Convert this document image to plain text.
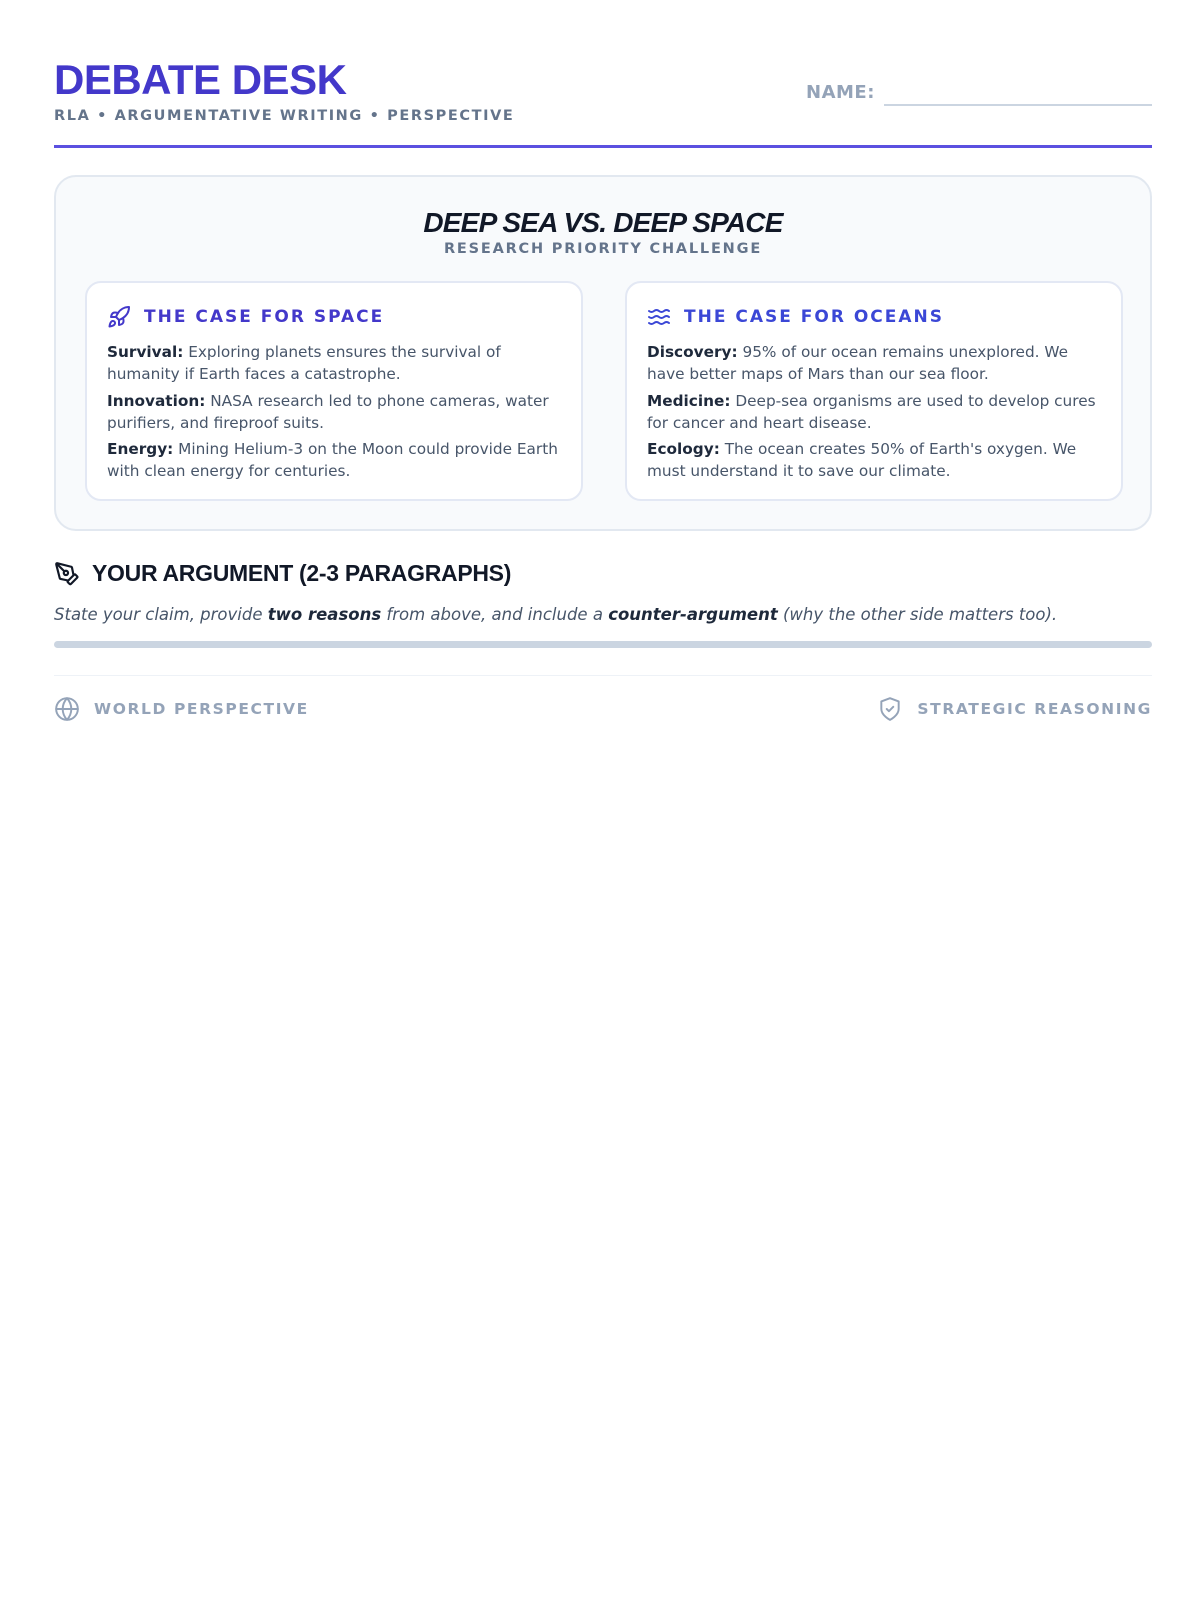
DEBATE DESK
RLA • ARGUMENTATIVE WRITING • PERSPECTIVE
NAME:
DEEP SEA VS. DEEP SPACE
RESEARCH PRIORITY CHALLENGE
THE CASE FOR SPACE

Survival: Exploring planets ensures the survival of humanity if Earth faces a catastrophe.

Innovation: NASA research led to phone cameras, water purifiers, and fireproof suits.

Energy: Mining Helium-3 on the Moon could provide Earth with clean energy for centuries.

THE CASE FOR OCEANS

Discovery: 95% of our ocean remains unexplored. We have better maps of Mars than our sea floor.

Medicine: Deep-sea organisms are used to develop cures for cancer and heart disease.

Ecology: The ocean creates 50% of Earth's oxygen. We must understand it to save our climate.

YOUR ARGUMENT (2-3 PARAGRAPHS)

State your claim, provide two reasons from above, and include a counter-argument (why the other side matters too).

WORLD PERSPECTIVE	STRATEGIC REASONING
